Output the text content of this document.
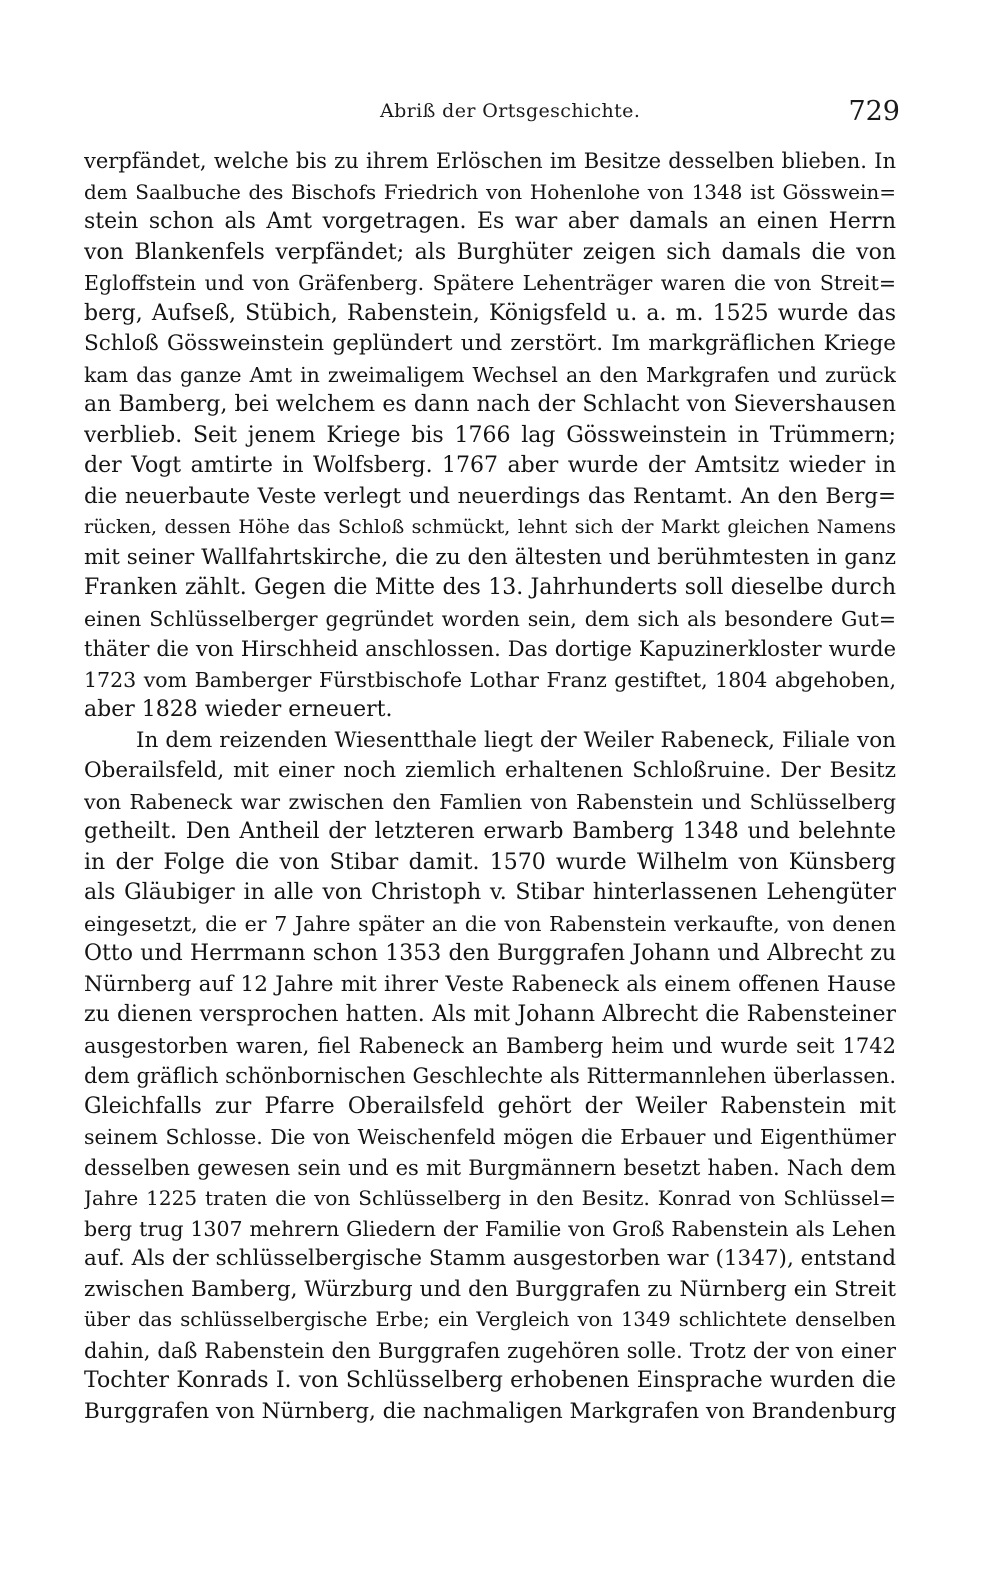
Abriß der Ortsgeschichte.	729
verpfändet, welche bis zu ihrem Erlöschen im Besitze desselben blieben. In
dem Saalbuche des Bischofs Friedrich von Hohenlohe von 1348 ist Gösswein=
stein schon als Amt vorgetragen. Es war aber damals an einen Herrn
von Blankenfels verpfändet; als Burghüter zeigen sich damals die von
Egloffstein und von Gräfenberg. Spätere Lehenträger waren die von Streit=
berg, Aufseß, Stübich, Rabenstein, Königsfeld u. a. m. 1525 wurde das
Schloß Gössweinstein geplündert und zerstört. Im markgräflichen Kriege
kam das ganze Amt in zweimaligem Wechsel an den Markgrafen und zurück
an Bamberg, bei welchem es dann nach der Schlacht von Sievershausen
verblieb. Seit jenem Kriege bis 1766 lag Gössweinstein in Trümmern;
der Vogt amtirte in Wolfsberg. 1767 aber wurde der Amtsitz wieder in
die neuerbaute Veste verlegt und neuerdings das Rentamt. An den Berg=
rücken, dessen Höhe das Schloß schmückt, lehnt sich der Markt gleichen Namens
mit seiner Wallfahrtskirche, die zu den ältesten und berühmtesten in ganz
Franken zählt. Gegen die Mitte des 13. Jahrhunderts soll dieselbe durch
einen Schlüsselberger gegründet worden sein, dem sich als besondere Gut=
thäter die von Hirschheid anschlossen. Das dortige Kapuzinerkloster wurde
1723 vom Bamberger Fürstbischofe Lothar Franz gestiftet, 1804 abgehoben,
aber 1828 wieder erneuert.
In dem reizenden Wiesentthale liegt der Weiler Rabeneck, Filiale von
Oberailsfeld, mit einer noch ziemlich erhaltenen Schloßruine. Der Besitz
von Rabeneck war zwischen den Famlien von Rabenstein und Schlüsselberg
getheilt. Den Antheil der letzteren erwarb Bamberg 1348 und belehnte
in der Folge die von Stibar damit. 1570 wurde Wilhelm von Künsberg
als Gläubiger in alle von Christoph v. Stibar hinterlassenen Lehengüter
eingesetzt, die er 7 Jahre später an die von Rabenstein verkaufte, von denen
Otto und Herrmann schon 1353 den Burggrafen Johann und Albrecht zu
Nürnberg auf 12 Jahre mit ihrer Veste Rabeneck als einem offenen Hause
zu dienen versprochen hatten. Als mit Johann Albrecht die Rabensteiner
ausgestorben waren, fiel Rabeneck an Bamberg heim und wurde seit 1742
dem gräflich schönbornischen Geschlechte als Rittermannlehen überlassen.
Gleichfalls zur Pfarre Oberailsfeld gehört der Weiler Rabenstein mit
seinem Schlosse. Die von Weischenfeld mögen die Erbauer und Eigenthümer
desselben gewesen sein und es mit Burgmännern besetzt haben. Nach dem
Jahre 1225 traten die von Schlüsselberg in den Besitz. Konrad von Schlüssel=
berg trug 1307 mehrern Gliedern der Familie von Groß Rabenstein als Lehen
auf. Als der schlüsselbergische Stamm ausgestorben war (1347), entstand
zwischen Bamberg, Würzburg und den Burggrafen zu Nürnberg ein Streit
über das schlüsselbergische Erbe; ein Vergleich von 1349 schlichtete denselben
dahin, daß Rabenstein den Burggrafen zugehören solle. Trotz der von einer
Tochter Konrads I. von Schlüsselberg erhobenen Einsprache wurden die
Burggrafen von Nürnberg, die nachmaligen Markgrafen von Brandenburg
